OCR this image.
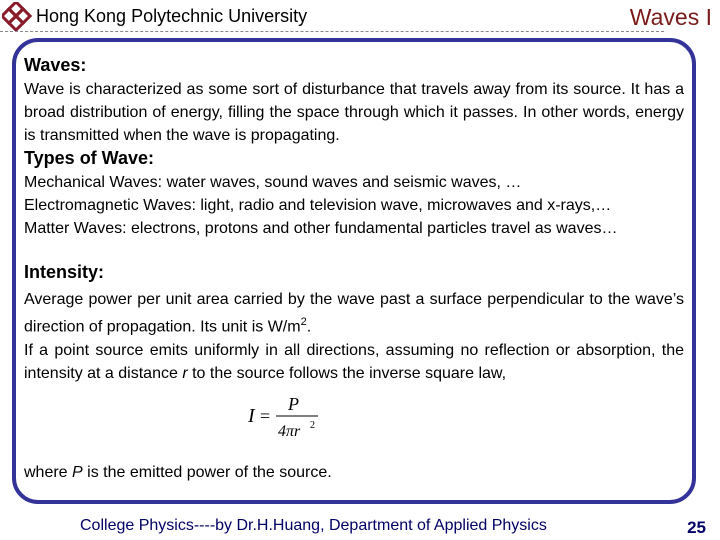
Hong Kong Polytechnic University	Waves I
Waves:

Wave is characterized as some sort of disturbance that travels away from its source. It has a broad distribution of energy, filling the space through which it passes. In other words, energy is transmitted when the wave is propagating.

Types of Wave:

Mechanical Waves: water waves, sound waves and seismic waves, …

Electromagnetic Waves: light, radio and television wave, microwaves and x-rays,…

Matter Waves: electrons, protons and other fundamental particles travel as waves…

Intensity:

Average power per unit area carried by the wave past a surface perpendicular to the wave’s direction of propagation. Its unit is $W/m^2$.

If a point source emits uniformly in all directions, assuming no reflection or absorption, the intensity at a distance r to the source follows the inverse square law,

I =
P
4πr 2
where P is the emitted power of the source.
College Physics----by Dr.H.Huang, Department of Applied Physics	25
